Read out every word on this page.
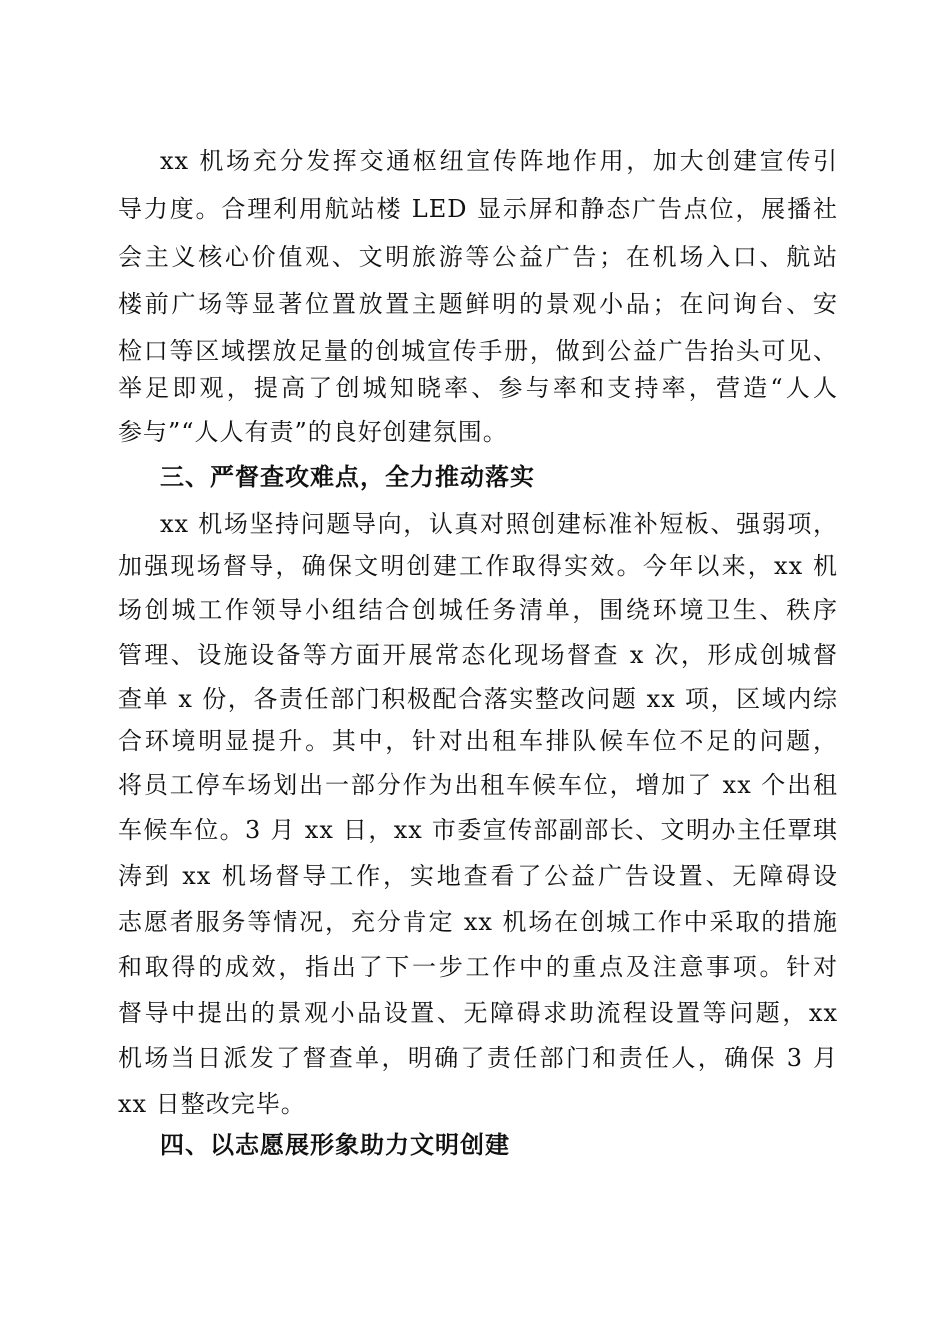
xx 机场充分发挥交通枢纽宣传阵地作用，加大创建宣传引
导力度。合理利用航站楼 LED 显示屏和静态广告点位，展播社
会主义核心价值观、文明旅游等公益广告；在机场入口、航站
楼前广场等显著位置放置主题鲜明的景观小品；在问询台、安
检口等区域摆放足量的创城宣传手册，做到公益广告抬头可见、
举足即观，提高了创城知晓率、参与率和支持率，营造“人人
参与”“人人有责”的良好创建氛围。
三、严督查攻难点，全力推动落实
xx 机场坚持问题导向，认真对照创建标准补短板、强弱项，
加强现场督导，确保文明创建工作取得实效。今年以来，xx 机
场创城工作领导小组结合创城任务清单，围绕环境卫生、秩序
管理、设施设备等方面开展常态化现场督查 x 次，形成创城督
查单 x 份，各责任部门积极配合落实整改问题 xx 项，区域内综
合环境明显提升。其中，针对出租车排队候车位不足的问题，
将员工停车场划出一部分作为出租车候车位，增加了 xx 个出租
车候车位。3 月 xx 日，xx 市委宣传部副部长、文明办主任覃琪
涛到 xx 机场督导工作，实地查看了公益广告设置、无障碍设
志愿者服务等情况，充分肯定 xx 机场在创城工作中采取的措施
和取得的成效，指出了下一步工作中的重点及注意事项。针对
督导中提出的景观小品设置、无障碍求助流程设置等问题，xx
机场当日派发了督查单，明确了责任部门和责任人，确保 3 月
xx 日整改完毕。
四、以志愿展形象助力文明创建
